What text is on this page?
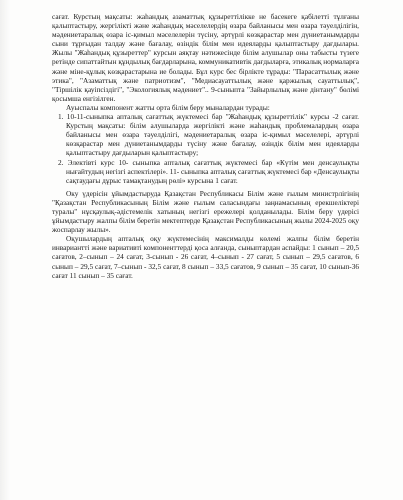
сағат. Курстың мақсаты: жаһандық азаматтық құзыреттілікке не басекеге қабілетті тұлғаны қалыптастыру, жергілікті және жаһандық мәселелердің өзара байланысы мен өзара тәуелділігін, мәдениетаралық өзара іс-қимыл мәселелерін түсіну, әртүрлі көзқарастар мен дүниетанымдарды сыни тұрғыдан талдау және бағалау, өзіндік білім мен идеяларды қалыптастыру дағдылары. Жылы "Жаһандық құзыреттер" курсын аяқтау нәтижесінде білім алушылар оны табысты түзеге ретінде сипаттайтын құндылық бағдарларына, коммуникативтік дағдыларға, этикалық нормаларға және міне-құлық көзқарастарына ие болады. Бұл курс бес бірлікте тұрады: "Парасаттылық және этика", "Азаматтық және патриотизм", "Медиасауаттылық және қаржылық сауаттылық", "Тіршілік қауіпсіздігі", "Экологиялық мәдениет".. 9-сыныпта "Зайырлылық және дінтану" бөлімі қосымша енгізілген.

Ауыспалы компонент жатты орта білім беру мыналардан турады:

1. 10-11-сыныпка апталық сағаттық жүктемесі бар "Жаһандық құзыреттілік" курсы -2 сағат. Курстың мақсаты: білім алушыларда жергілікті және жаһандық проблемалардың өзара байланысы мен өзара тәуелділігі, мәдениетаралық өзара іс-қимыл мәселелері, әртүрлі көзқарастар мен дүниетанымдарды түсіну және бағалау, өзіндік білім мен идеяларды қалыптастыру дағдыларын қалыптастыру;

2. Электівті курс 10- сыныпка апталық сағаттық жүктемесі бар «Күтім мен денсаулықты нығайтудың негізгі аспектілері». 11- сыныпка апталық сағаттық жүктемесі бар «Денсаулықты сақтаудағы дұрыс тамақтанудың рөлі» курсына 1 сағат.

Оку үдерісін ұйымдастыруда Қазақстан Республикасы Білім және ғылым министрлігінің "Қазақстан Республикасының Білім және ғылым саласындағы заңнамасының ерекшеліктері туралы" нұсқаулық-әдістемелік хатының негізгі ережелері қолданылады. Білім беру үдерісі ұйымдастыру жалпы білім беретін мектептерде Қазақстан Республикасының жылы 2024-2025 оқу жоспарлау жылы».

Оқушылардың апталық оқу жүктемесінің максималды көлемі жалпы білім беретін инвариантті және вариативті компоненттерді қоса алғанда, сыныптардан аспайды: 1 сынып – 20,5 сағатов, 2–сынып – 24 сағат, 3-сынып - 26 сағат, 4–сынып - 27 сағат, 5 сынып – 29,5 сағатов, 6 сынып – 29,5 сағат, 7–сынып - 32,5 сағат, 8 сынып – 33,5 сағатов, 9 сынып – 35 сағат, 10 сынып-36 сағат 11 сынып – 35 сағат.
